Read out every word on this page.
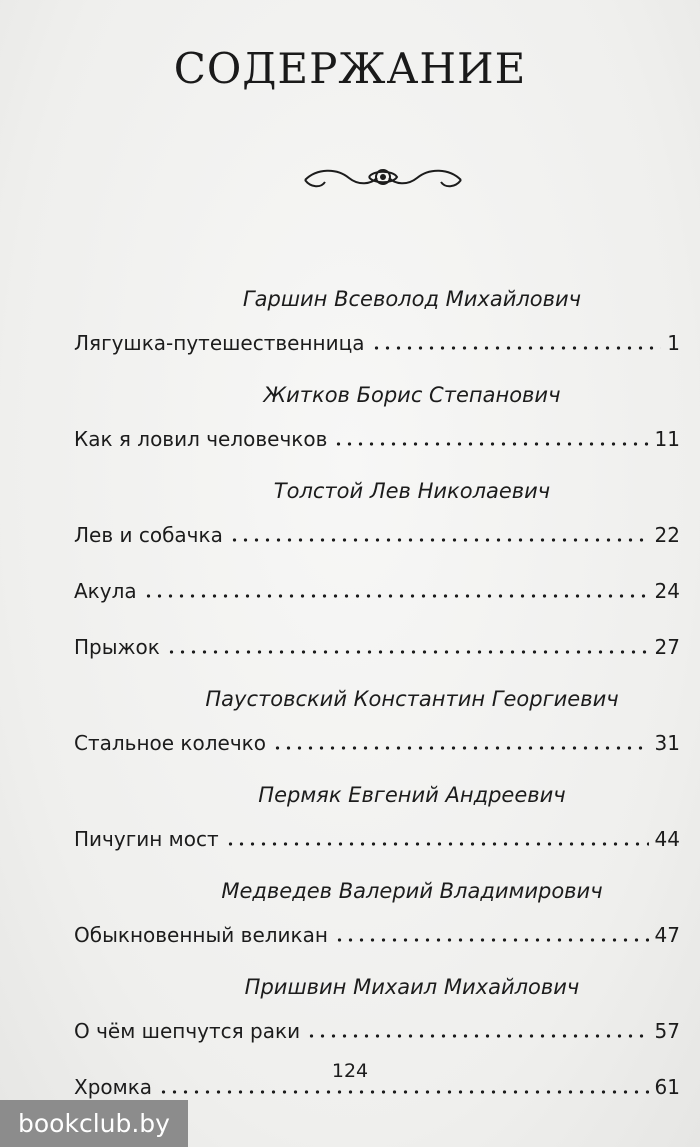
СОДЕРЖАНИЕ
Гаршин Всеволод Михайлович
Лягушка-путешественница	1
Житков Борис Степанович
Как я ловил человечков	11
Толстой Лев Николаевич
Лев и собачка	22
Акула	24
Прыжок	27
Паустовский Константин Георгиевич
Стальное колечко	31
Пермяк Евгений Андреевич
Пичугин мост	44
Медведев Валерий Владимирович
Обыкновенный великан	47
Пришвин Михаил Михайлович
О чём шепчутся раки	57
Хромка	61
124
bookclub.by
